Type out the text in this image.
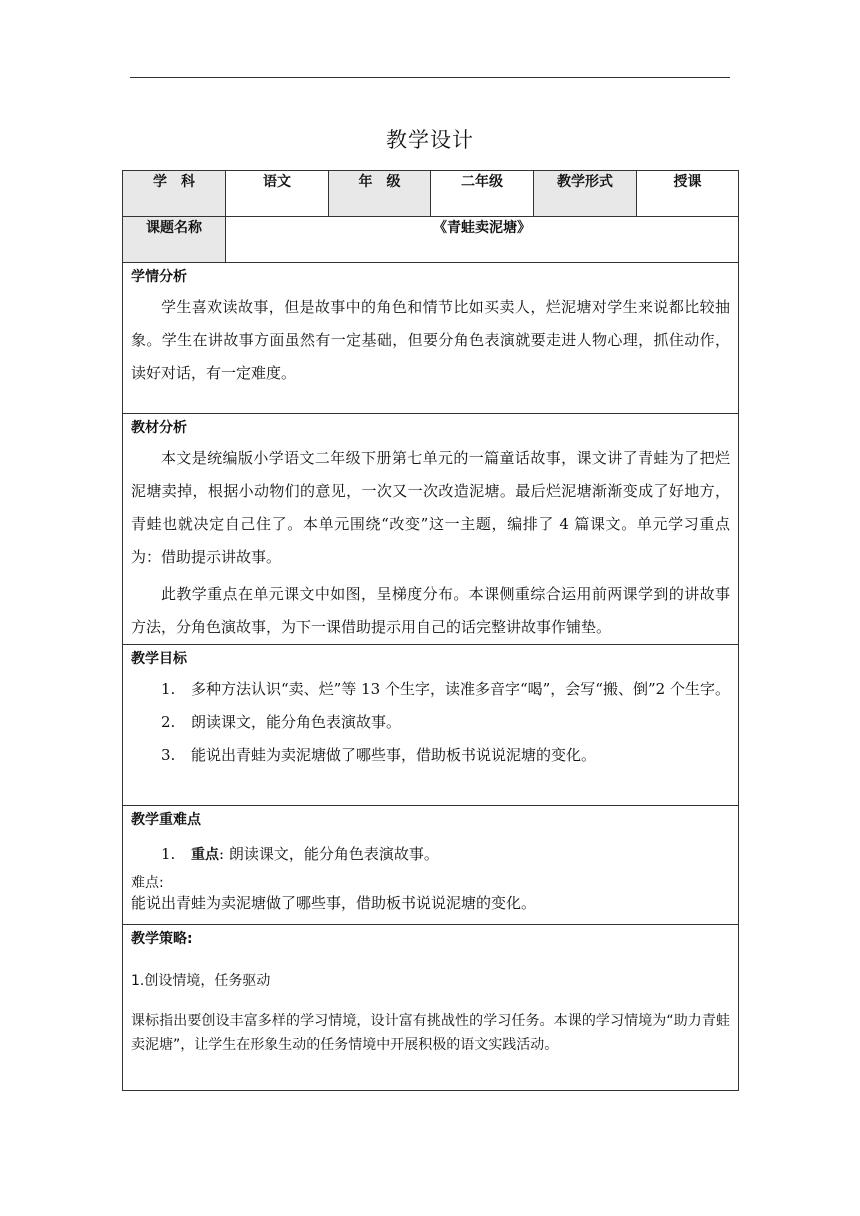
教学设计
学　科	语文	年　级	二年级	教学形式	授课
课题名称	《青蛙卖泥塘》				

学情分析

学生喜欢读故事，但是故事中的角色和情节比如买卖人，烂泥塘对学生来说都比较抽象。学生在讲故事方面虽然有一定基础，但要分角色表演就要走进人物心理，抓住动作，读好对话，有一定难度。					

教材分析

本文是统编版小学语文二年级下册第七单元的一篇童话故事，课文讲了青蛙为了把烂泥塘卖掉，根据小动物们的意见，一次又一次改造泥塘。最后烂泥塘渐渐变成了好地方，青蛙也就决定自己住了。本单元围绕“改变”这一主题，编排了 4 篇课文。单元学习重点为：借助提示讲故事。

此教学重点在单元课文中如图，呈梯度分布。本课侧重综合运用前两课学到的讲故事方法，分角色演故事，为下一课借助提示用自己的话完整讲故事作铺垫。					

教学目标

1. 多种方法认识“卖、烂”等 13 个生字，读准多音字“喝”，会写“搬、倒”2 个生字。

2. 朗读课文，能分角色表演故事。

3. 能说出青蛙为卖泥塘做了哪些事，借助板书说说泥塘的变化。					

教学重难点

1. 重点: 朗读课文，能分角色表演故事。

难点:
能说出青蛙为卖泥塘做了哪些事，借助板书说说泥塘的变化。					

教学策略:
1.创设情境，任务驱动
课标指出要创设丰富多样的学习情境，设计富有挑战性的学习任务。本课的学习情境为“助力青蛙卖泥塘”，让学生在形象生动的任务情境中开展积极的语文实践活动。					
